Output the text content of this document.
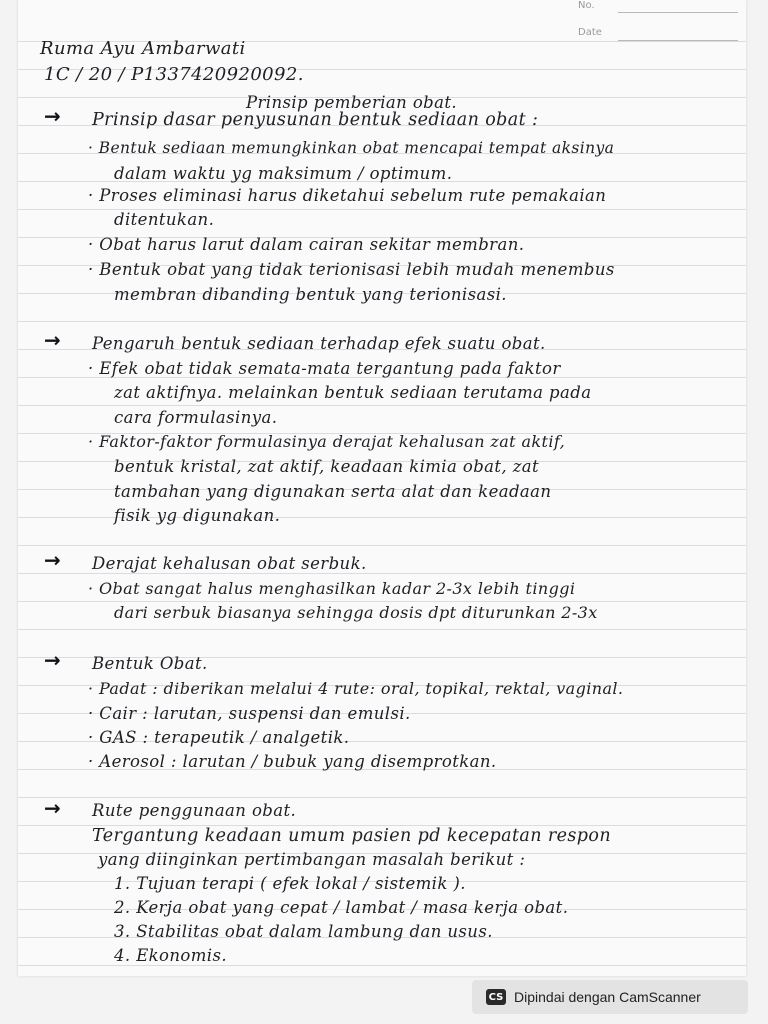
No.
Date
Ruma Ayu Ambarwati
1C / 20 / P1337420920092.
Prinsip pemberian obat.
→ Prinsip dasar penyusunan bentuk sediaan obat :
· Bentuk sediaan memungkinkan obat mencapai tempat aksinya
dalam waktu yg maksimum / optimum.
· Proses eliminasi harus diketahui sebelum rute pemakaian
ditentukan.
· Obat harus larut dalam cairan sekitar membran.
· Bentuk obat yang tidak terionisasi lebih mudah menembus
membran dibanding bentuk yang terionisasi.
→ Pengaruh bentuk sediaan terhadap efek suatu obat.
· Efek obat tidak semata-mata tergantung pada faktor
zat aktifnya. melainkan bentuk sediaan terutama pada
cara formulasinya.
· Faktor-faktor formulasinya derajat kehalusan zat aktif,
bentuk kristal, zat aktif, keadaan kimia obat, zat
tambahan yang digunakan serta alat dan keadaan
fisik yg digunakan.
→ Derajat kehalusan obat serbuk.
· Obat sangat halus menghasilkan kadar 2-3x lebih tinggi
dari serbuk biasanya sehingga dosis dpt diturunkan 2-3x
→ Bentuk Obat.
· Padat : diberikan melalui 4 rute: oral, topikal, rektal, vaginal.
· Cair : larutan, suspensi dan emulsi.
· GAS : terapeutik / analgetik.
· Aerosol : larutan / bubuk yang disemprotkan.
→ Rute penggunaan obat.
Tergantung keadaan umum pasien pd kecepatan respon
yang diinginkan pertimbangan masalah berikut :
1. Tujuan terapi ( efek lokal / sistemik ).
2. Kerja obat yang cepat / lambat / masa kerja obat.
3. Stabilitas obat dalam lambung dan usus.
4. Ekonomis.
CS Dipindai dengan CamScanner
